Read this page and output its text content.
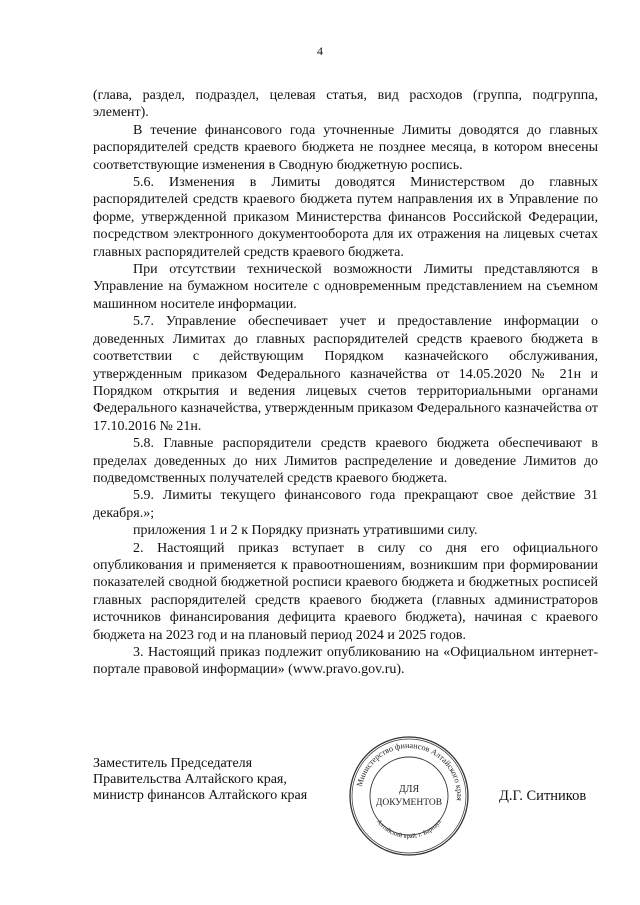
4

(глава, раздел, подраздел, целевая статья, вид расходов (группа, подгруппа, элемент).

В течение финансового года уточненные Лимиты доводятся до главных распорядителей средств краевого бюджета не позднее месяца, в котором внесены соответствующие изменения в Сводную бюджетную роспись.

5.6. Изменения в Лимиты доводятся Министерством до главных распорядителей средств краевого бюджета путем направления их в Управление по форме, утвержденной приказом Министерства финансов Российской Федерации, посредством электронного документооборота для их отражения на лицевых счетах главных распорядителей средств краевого бюджета.

При отсутствии технической возможности Лимиты представляются в Управление на бумажном носителе с одновременным представлением на съемном машинном носителе информации.

5.7. Управление обеспечивает учет и предоставление информации о доведенных Лимитах до главных распорядителей средств краевого бюджета в соответствии с действующим Порядком казначейского обслуживания, утвержденным приказом Федерального казначейства от 14.05.2020 № 21н и Порядком открытия и ведения лицевых счетов территориальными органами Федерального казначейства, утвержденным приказом Федерального казначейства от 17.10.2016 № 21н.

5.8. Главные распорядители средств краевого бюджета обеспечивают в пределах доведенных до них Лимитов распределение и доведение Лимитов до подведомственных получателей средств краевого бюджета.

5.9. Лимиты текущего финансового года прекращают свое действие 31 декабря.»;

приложения 1 и 2 к Порядку признать утратившими силу.

2. Настоящий приказ вступает в силу со дня его официального опубликования и применяется к правоотношениям, возникшим при формировании показателей сводной бюджетной росписи краевого бюджета и бюджетных росписей главных распорядителей средств краевого бюджета (главных администраторов источников финансирования дефицита краевого бюджета), начиная с краевого бюджета на 2023 год и на плановый период 2024 и 2025 годов.

3. Настоящий приказ подлежит опубликованию на «Официальном интернет-портале правовой информации» (www.pravo.gov.ru).

Заместитель Председателя
Правительства Алтайского края,
министр финансов Алтайского края
Министерство финансов Алтайского края
Алтайский край, г. Барнаул
ДЛЯ
ДОКУМЕНТОВ	Д.Г. Ситников
